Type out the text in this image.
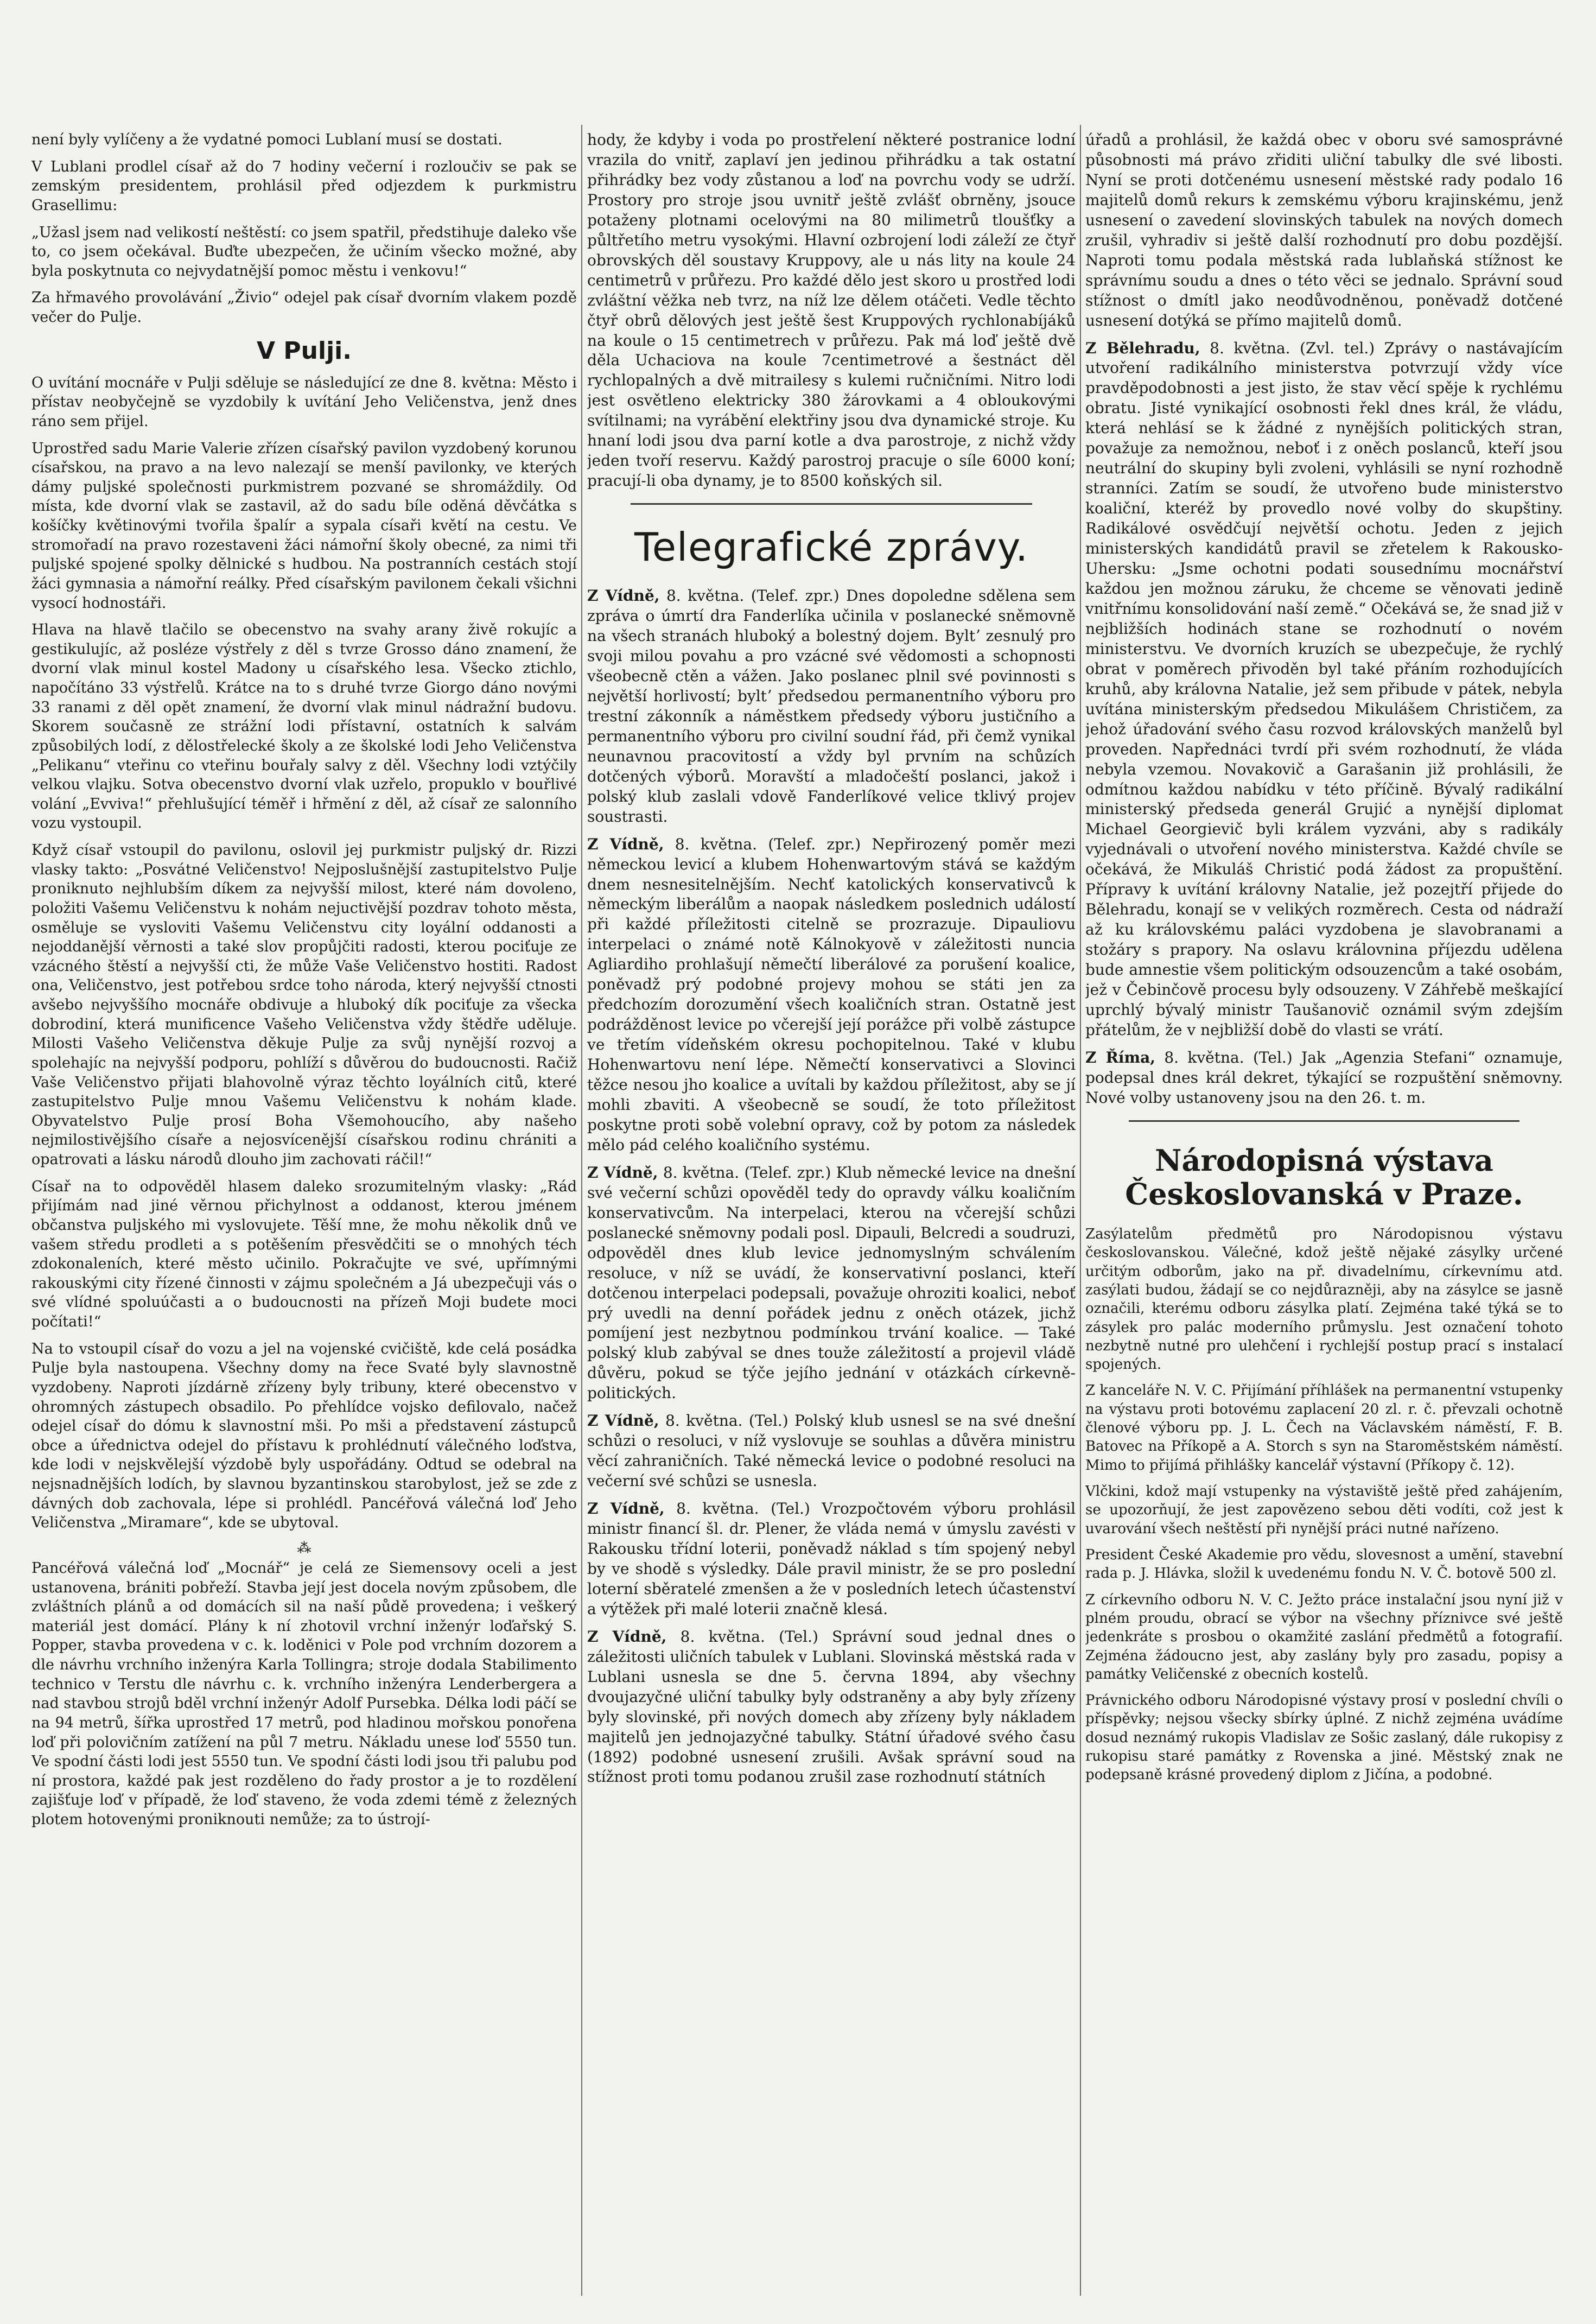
není byly vylíčeny a že vydatné pomoci Lublaní musí se dostati.

V Lublani prodlel císař až do 7 hodiny večerní i rozloučiv se pak se zemským presidentem, prohlásil před odjezdem k purkmistru Grasellimu:

„Užasl jsem nad velikostí neštěstí: co jsem spatřil, předstihuje daleko vše to, co jsem očekával. Buďte ubezpečen, že učiním všecko možné, aby byla poskytnuta co nejvydatnější pomoc městu i venkovu!“

Za hřmavého provolávání „Živio“ odejel pak císař dvorním vlakem pozdě večer do Pulje.

V Pulji.

O uvítání mocnáře v Pulji sděluje se následující ze dne 8. května: Město i přístav neobyčejně se vyzdobily k uvítání Jeho Veličenstva, jenž dnes ráno sem přijel.

Uprostřed sadu Marie Valerie zřízen císařský pavilon vyzdobený korunou císařskou, na pravo a na levo nalezají se menší pavilonky, ve kterých dámy puljské společnosti purkmistrem pozvané se shromáždily. Od místa, kde dvorní vlak se zastavil, až do sadu bíle oděná děvčátka s košíčky květinovými tvořila špalír a sypala císaři květí na cestu. Ve stromořadí na pravo rozestaveni žáci námořní školy obecné, za nimi tři puljské spojené spolky dělnické s hudbou. Na postranních cestách stojí žáci gymnasia a námořní reálky. Před císařským pavilonem čekali všichni vysocí hodnostáři.

Hlava na hlavě tlačilo se obecenstvo na svahy arany živě rokujíc a gestikulujíc, až posléze výstřely z děl s tvrze Grosso dáno znamení, že dvorní vlak minul kostel Madony u císařského lesa. Všecko ztichlo, napočítáno 33 výstřelů. Krátce na to s druhé tvrze Giorgo dáno novými 33 ranami z děl opět znamení, že dvorní vlak minul nádražní budovu. Skorem současně ze strážní lodi přístavní, ostatních k salvám způsobilých lodí, z dělostřelecké školy a ze školské lodi Jeho Veličenstva „Pelikanu“ vteřinu co vteřinu bouřaly salvy z děl. Všechny lodi vztýčily velkou vlajku. Sotva obecenstvo dvorní vlak uzřelo, propuklo v bouřlivé volání „Evviva!“ přehlušující téměř i hřmění z děl, až císař ze salonního vozu vystoupil.

Když císař vstoupil do pavilonu, oslovil jej purkmistr puljský dr. Rizzi vlasky takto: „Posvátné Veličenstvo! Nejposlušnější zastupitelstvo Pulje proniknuto nejhlubším díkem za nejvyšší milost, které nám dovoleno, položiti Vašemu Veličenstvu k nohám nejuctivější pozdrav tohoto města, osměluje se vysloviti Vašemu Veličenstvu city loyální oddanosti a nejoddanější věrnosti a také slov propůjčiti radosti, kterou pociťuje ze vzácného štěstí a nejvyšší cti, že může Vaše Veličenstvo hostiti. Radost ona, Veličenstvo, jest potřebou srdce toho národa, který nejvyšší ctnosti avšebo nejvyššího mocnáře obdivuje a hluboký dík pociťuje za všecka dobrodiní, která munificence Vašeho Veličenstva vždy štědře uděluje. Milosti Vašeho Veličenstva děkuje Pulje za svůj nynější rozvoj a spolehajíc na nejvyšší podporu, pohlíží s důvěrou do budoucnosti. Račiž Vaše Veličenstvo přijati blahovolně výraz těchto loyálních citů, které zastupitelstvo Pulje mnou Vašemu Veličenstvu k nohám klade. Obyvatelstvo Pulje prosí Boha Všemohoucího, aby našeho nejmilostivějšího císaře a nejosvícenější císařskou rodinu chrániti a opatrovati a lásku národů dlouho jim zachovati ráčil!“

Císař na to odpověděl hlasem daleko srozumitelným vlasky: „Rád přijímám nad jiné věrnou přichylnost a oddanost, kterou jménem občanstva puljského mi vyslovujete. Těší mne, že mohu několik dnů ve vašem středu prodleti a s potěšením přesvědčiti se o mnohých téch zdokonaleních, které město učinilo. Pokračujte ve své, upřímnými rakouskými city řízené činnosti v zájmu společném a Já ubezpečuji vás o své vlídné spoluúčasti a o budoucnosti na přízeň Moji budete moci počítati!“

Na to vstoupil císař do vozu a jel na vojenské cvičiště, kde celá posádka Pulje byla nastoupena. Všechny domy na řece Svaté byly slavnostně vyzdobeny. Naproti jízdárně zřízeny byly tribuny, které obecenstvo v ohromných zástupech obsadilo. Po přehlídce vojsko defilovalo, načež odejel císař do dómu k slavnostní mši. Po mši a představení zástupců obce a úřednictva odejel do přístavu k prohlédnutí válečného loďstva, kde lodi v nejskvělejší výzdobě byly uspořádány. Odtud se odebral na nejsnadnějších lodích, by slavnou byzantinskou starobylost, jež se zde z dávných dob zachovala, lépe si prohlédl. Pancéřová válečná loď Jeho Veličenstva „Miramare“, kde se ubytoval.

⁂

Pancéřová válečná loď „Mocnář“ je celá ze Siemensovy oceli a jest ustanovena, brániti pobřeží. Stavba její jest docela novým způsobem, dle zvláštních plánů a od domácích sil na naší půdě provedena; i veškerý materiál jest domácí. Plány k ní zhotovil vrchní inženýr loďařský S. Popper, stavba provedena v c. k. loděnici v Pole pod vrchním dozorem a dle návrhu vrchního inženýra Karla Tollingra; stroje dodala Stabilimento technico v Terstu dle návrhu c. k. vrchního inženýra Lenderbergera a nad stavbou strojů bděl vrchní inženýr Adolf Pursebka. Délka lodi páčí se na 94 metrů, šířka uprostřed 17 metrů, pod hladinou mořskou ponořena loď při polovičním zatížení na půl 7 metru. Nákladu unese loď 5550 tun. Ve spodní části lodi jest 5550 tun. Ve spodní části lodi jsou tři palubu pod ní prostora, každé pak jest rozděleno do řady prostor a je to rozdělení zajišťuje loď v případě, že loď staveno, že voda zdemi témě z železných plotem hotovenými proniknouti nemůže; za to ústrojí-

hody, že kdyby i voda po prostřelení některé postranice lodní vrazila do vnitř, zaplaví jen jedinou přihrádku a tak ostatní přihrádky bez vody zůstanou a loď na povrchu vody se udrží. Prostory pro stroje jsou uvnitř ještě zvlášť obrněny, jsouce potaženy plotnami ocelovými na 80 milimetrů tloušťky a půltřetího metru vysokými. Hlavní ozbrojení lodi záleží ze čtyř obrovských děl soustavy Kruppovy, ale u nás lity na koule 24 centimetrů v průřezu. Pro každé dělo jest skoro u prostřed lodi zvláštní věžka neb tvrz, na níž lze dělem otáčeti. Vedle těchto čtyř obrů dělových jest ještě šest Kruppových rychlonabíjáků na koule o 15 centimetrech v průřezu. Pak má loď ještě dvě děla Uchaciova na koule 7centimetrové a šestnáct děl rychlopalných a dvě mitrailesy s kulemi ručničními. Nitro lodi jest osvětleno elektricky 380 žárovkami a 4 obloukovými svítilnami; na vyrábění elektřiny jsou dva dynamické stroje. Ku hnaní lodi jsou dva parní kotle a dva parostroje, z nichž vždy jeden tvoří reservu. Každý parostroj pracuje o síle 6000 koní; pracují-li oba dynamy, je to 8500 koňských sil.

Telegrafické zprávy.

Z Vídně, 8. května. (Telef. zpr.) Dnes dopoledne sdělena sem zpráva o úmrtí dra Fanderlíka učinila v poslanecké sněmovně na všech stranách hluboký a bolestný dojem. Byltʼ zesnulý pro svoji milou povahu a pro vzácné své vědomosti a schopnosti všeobecně ctěn a vážen. Jako poslanec plnil své povinnosti s největší horlivostí; byltʼ předsedou permanentního výboru pro trestní zákonník a náměstkem předsedy výboru justičního a permanentního výboru pro civilní soudní řád, při čemž vynikal neunavnou pracovitostí a vždy byl prvním na schůzích dotčených výborů. Moravští a mladočeští poslanci, jakož i polský klub zaslali vdově Fanderlíkové velice tklivý projev soustrasti.

Z Vídně, 8. května. (Telef. zpr.) Nepřirozený poměr mezi německou levicí a klubem Hohenwartovým stává se každým dnem nesnesitelnějším. Nechť katolických konservativců k německým liberálům a naopak následkem poslednich událostí při každé příležitosti citelně se prozrazuje. Dipauliovu interpelaci o známé notě Kálnokyově v záležitosti nuncia Agliardiho prohlašují němečtí liberálové za porušení koalice, poněvadž prý podobné projevy mohou se státi jen za předchozím dorozumění všech koaličních stran. Ostatně jest podrážděnost levice po včerejší její porážce při volbě zástupce ve třetím vídeňském okresu pochopitelnou. Také v klubu Hohenwartovu není lépe. Němečtí konservativci a Slovinci těžce nesou jho koalice a uvítali by každou příležitost, aby se jí mohli zbaviti. A všeobecně se soudí, že toto příležitost poskytne proti sobě volební opravy, což by potom za následek mělo pád celého koaličního systému.

Z Vídně, 8. května. (Telef. zpr.) Klub německé levice na dnešní své večerní schůzi opověděl tedy do opravdy válku koaličním konservativcům. Na interpelaci, kterou na včerejší schůzi poslanecké sněmovny podali posl. Dipauli, Belcredi a soudruzi, odpověděl dnes klub levice jednomyslným schválením resoluce, v níž se uvádí, že konservativní poslanci, kteří dotčenou interpelaci podepsali, považuje ohroziti koalici, neboť prý uvedli na denní pořádek jednu z oněch otázek, jichž pomíjení jest nezbytnou podmínkou trvání koalice. — Také polský klub zabýval se dnes touže záležitostí a projevil vládě důvěru, pokud se týče jejího jednání v otázkách církevně-politických.

Z Vídně, 8. května. (Tel.) Polský klub usnesl se na své dnešní schůzi o resoluci, v níž vyslovuje se souhlas a důvěra ministru věcí zahraničních. Také německá levice o podobné resoluci na večerní své schůzi se usnesla.

Z Vídně, 8. května. (Tel.) Vrozpočtovém výboru prohlásil ministr financí šl. dr. Plener, že vláda nemá v úmyslu zavésti v Rakousku třídní loterii, poněvadž náklad s tím spojený nebyl by ve shodě s výsledky. Dále pravil ministr, že se pro poslední loterní sběratelé zmenšen a že v posledních letech účastenství a výtěžek při malé loterii značně klesá.

Z Vídně, 8. května. (Tel.) Správní soud jednal dnes o záležitosti uličních tabulek v Lublani. Slovinská městská rada v Lublani usnesla se dne 5. června 1894, aby všechny dvoujazyčné uliční tabulky byly odstraněny a aby byly zřízeny byly slovinské, při nových domech aby zřízeny byly nákladem majitelů jen jednojazyčné tabulky. Státní úřadové svého času (1892) podobné usnesení zrušili. Avšak správní soud na stížnost proti tomu podanou zrušil zase rozhodnutí státních

úřadů a prohlásil, že každá obec v oboru své samosprávné působnosti má právo zřiditi uliční tabulky dle své libosti. Nyní se proti dotčenému usnesení městské rady podalo 16 majitelů domů rekurs k zemskému výboru krajinskému, jenž usnesení o zavedení slovinských tabulek na nových domech zrušil, vyhradiv si ještě další rozhodnutí pro dobu pozdější. Naproti tomu podala městská rada lublaňská stížnost ke správnímu soudu a dnes o této věci se jednalo. Správní soud stížnost o dmítl jako neodůvodněnou, poněvadž dotčené usnesení dotýká se přímo majitelů domů.

Z Bělehradu, 8. května. (Zvl. tel.) Zprávy o nastávajícím utvoření radikálního ministerstva potvrzují vždy více pravděpodobnosti a jest jisto, že stav věcí spěje k rychlému obratu. Jisté vynikající osobnosti řekl dnes král, že vládu, která nehlásí se k žádné z nynějších politických stran, považuje za nemožnou, neboť i z oněch poslanců, kteří jsou neutrální do skupiny byli zvoleni, vyhlásili se nyní rozhodně stranníci. Zatím se soudí, že utvořeno bude ministerstvo koaliční, kteréž by provedlo nové volby do skupštiny. Radikálové osvědčují největší ochotu. Jeden z jejich ministerských kandidátů pravil se zřetelem k Rakousko-Uhersku: „Jsme ochotni podati sousednímu mocnářství každou jen možnou záruku, že chceme se věnovati jedině vnitřnímu konsolidování naší země.“ Očekává se, že snad již v nejbližších hodinách stane se rozhodnutí o novém ministerstvu. Ve dvorních kruzích se ubezpečuje, že rychlý obrat v poměrech přivoděn byl také přáním rozhodujících kruhů, aby královna Natalie, jež sem přibude v pátek, nebyla uvítána ministerským předsedou Mikulášem Christičem, za jehož úřadování svého času rozvod královských manželů byl proveden. Napřednáci tvrdí při svém rozhodnutí, že vláda nebyla vzemou. Novakovič a Garašanin již prohlásili, že odmítnou každou nabídku v této příčině. Bývalý radikální ministerský předseda generál Grujić a nynější diplomat Michael Georgievič byli králem vyzváni, aby s radikály vyjednávali o utvoření nového ministerstva. Každé chvíle se očekává, že Mikuláš Christić podá žádost za propuštění. Přípravy k uvítání královny Natalie, jež pozejtří přijede do Bělehradu, konají se v velikých rozměrech. Cesta od nádraží až ku královskému paláci vyzdobena je slavobranami a stožáry s prapory. Na oslavu královnina příjezdu udělena bude amnestie všem politickým odsouzencům a také osobám, jež v Čebinčově procesu byly odsouzeny. V Záhřebě meškající uprchlý bývalý ministr Taušanovič oznámil svým zdejším přátelům, že v nejbližší době do vlasti se vrátí.

Z Říma, 8. května. (Tel.) Jak „Agenzia Stefani“ oznamuje, podepsal dnes král dekret, týkající se rozpuštění sněmovny. Nové volby ustanoveny jsou na den 26. t. m.

Národopisná výstava Českoslovanská v Praze.

Zasýlatelům předmětů pro Národopisnou výstavu českoslovanskou. Válečné, kdož ještě nějaké zásylky určené určitým odborům, jako na př. divadelnímu, církevnímu atd. zasýlati budou, žádají se co nejdůrazněji, aby na zásylce se jasně označili, kterému odboru zásylka platí. Zejména také týká se to zásylek pro palác moderního průmyslu. Jest označení tohoto nezbytně nutné pro ulehčení i rychlejší postup prací s instalací spojených.

Z kanceláře N. V. C. Přijímání příhlášek na permanentní vstupenky na výstavu proti botovému zaplacení 20 zl. r. č. převzali ochotně členové výboru pp. J. L. Čech na Václavském náměstí, F. B. Batovec na Příkopě a A. Storch s syn na Staroměstském náměstí. Mimo to přijímá přihlášky kancelář výstavní (Příkopy č. 12).

Vlčkini, kdož mají vstupenky na výstaviště ještě před zahájením, se upozorňují, že jest zapovězeno sebou děti vodíti, což jest k uvarování všech neštěstí při nynější práci nutné nařízeno.

President České Akademie pro vědu, slovesnost a umění, stavební rada p. J. Hlávka, složil k uvedenému fondu N. V. Č. botově 500 zl.

Z církevního odboru N. V. C. Ježto práce instalační jsou nyní již v plném proudu, obrací se výbor na všechny příznivce své ještě jedenkráte s prosbou o okamžité zaslání předmětů a fotografií. Zejména žádoucno jest, aby zaslány byly pro zasadu, popisy a památky Veličenské z obecních kostelů.

Právnického odboru Národopisné výstavy prosí v poslední chvíli o příspěvky; nejsou všecky sbírky úplné. Z nichž zejména uvádíme dosud neznámý rukopis Vladislav ze Sošic zaslaný, dále rukopisy z rukopisu staré památky z Rovenska a jiné. Městský znak ne podepsaně krásné provedený diplom z Jičína, a podobné.
